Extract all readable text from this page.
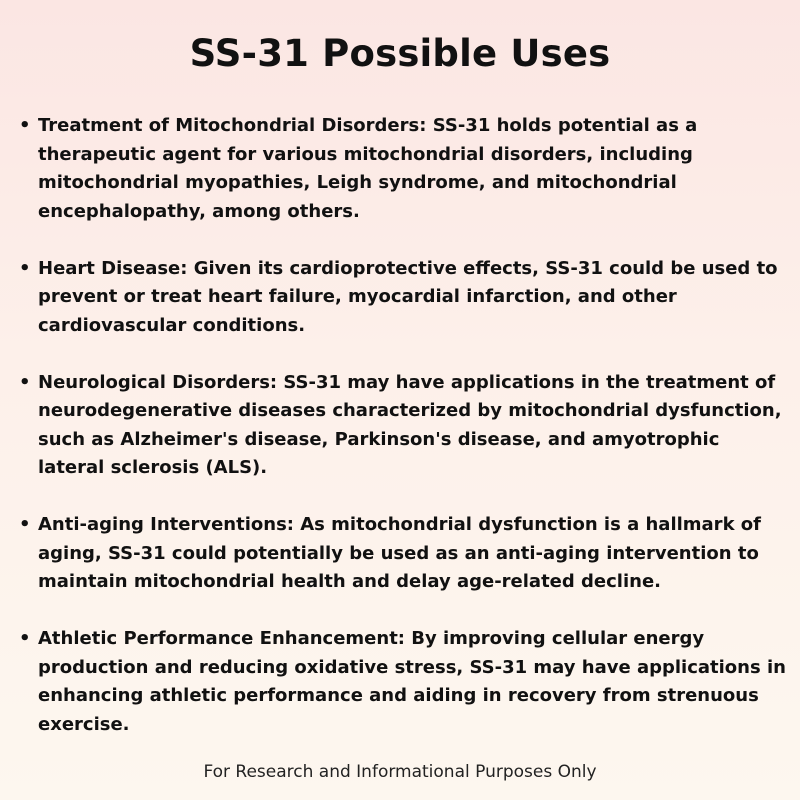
SS-31 Possible Uses
• Treatment of Mitochondrial Disorders: SS-31 holds potential as a therapeutic agent for various mitochondrial disorders, including mitochondrial myopathies, Leigh syndrome, and mitochondrial encephalopathy, among others.
• Heart Disease: Given its cardioprotective effects, SS-31 could be used to prevent or treat heart failure, myocardial infarction, and other cardiovascular conditions.
• Neurological Disorders: SS-31 may have applications in the treatment of neurodegenerative diseases characterized by mitochondrial dysfunction, such as Alzheimer's disease, Parkinson's disease, and amyotrophic lateral sclerosis (ALS).
• Anti-aging Interventions: As mitochondrial dysfunction is a hallmark of aging, SS-31 could potentially be used as an anti-aging intervention to maintain mitochondrial health and delay age-related decline.
• Athletic Performance Enhancement: By improving cellular energy production and reducing oxidative stress, SS-31 may have applications in enhancing athletic performance and aiding in recovery from strenuous exercise.
For Research and Informational Purposes Only
